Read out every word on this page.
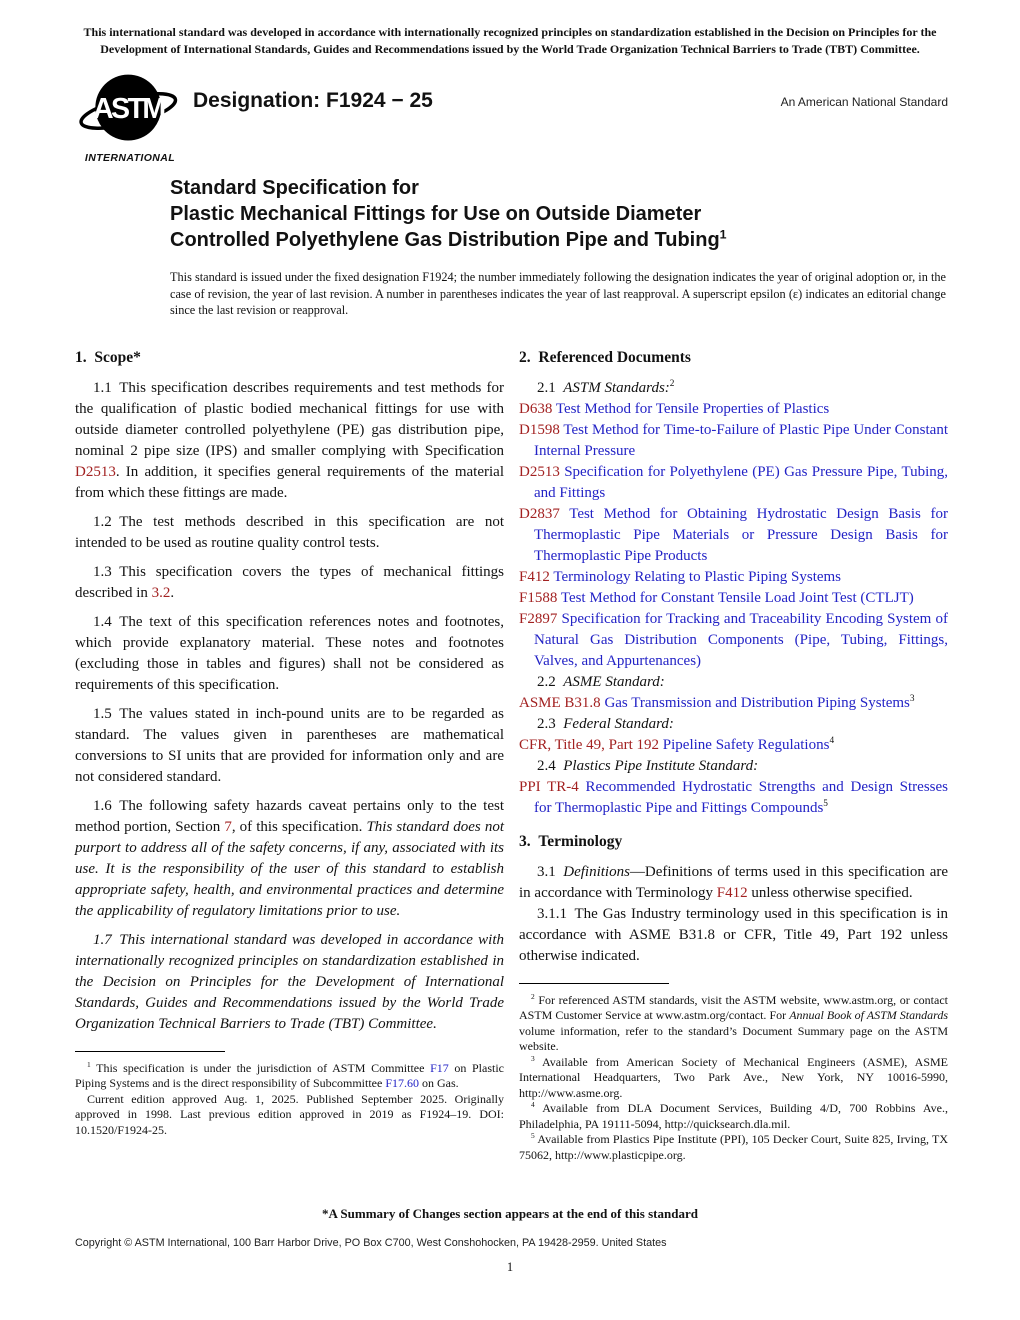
This international standard was developed in accordance with internationally recognized principles on standardization established in the Decision on Principles for the Development of International Standards, Guides and Recommendations issued by the World Trade Organization Technical Barriers to Trade (TBT) Committee.
ASTM
INTERNATIONAL
Designation: F1924 − 25	An American National Standard
Standard Specification for
Plastic Mechanical Fittings for Use on Outside Diameter
Controlled Polyethylene Gas Distribution Pipe and Tubing$^1$
This standard is issued under the fixed designation F1924; the number immediately following the designation indicates the year of original adoption or, in the case of revision, the year of last revision. A number in parentheses indicates the year of last reapproval. A superscript epsilon (ε) indicates an editorial change since the last revision or reapproval.
1. Scope*

1.1 This specification describes requirements and test methods for the qualification of plastic bodied mechanical fittings for use with outside diameter controlled polyethylene (PE) gas distribution pipe, nominal 2 pipe size (IPS) and smaller complying with Specification D2513. In addition, it specifies general requirements of the material from which these fittings are made.

1.2 The test methods described in this specification are not intended to be used as routine quality control tests.

1.3 This specification covers the types of mechanical fittings described in 3.2.

1.4 The text of this specification references notes and footnotes, which provide explanatory material. These notes and footnotes (excluding those in tables and figures) shall not be considered as requirements of this specification.

1.5 The values stated in inch-pound units are to be regarded as standard. The values given in parentheses are mathematical conversions to SI units that are provided for information only and are not considered standard.

1.6 The following safety hazards caveat pertains only to the test method portion, Section 7, of this specification. This standard does not purport to address all of the safety concerns, if any, associated with its use. It is the responsibility of the user of this standard to establish appropriate safety, health, and environmental practices and determine the applicability of regulatory limitations prior to use.

1.7 This international standard was developed in accordance with internationally recognized principles on standardization established in the Decision on Principles for the Development of International Standards, Guides and Recommendations issued by the World Trade Organization Technical Barriers to Trade (TBT) Committee.

$^1$ This specification is under the jurisdiction of ASTM Committee F17 on Plastic Piping Systems and is the direct responsibility of Subcommittee F17.60 on Gas.

Current edition approved Aug. 1, 2025. Published September 2025. Originally approved in 1998. Last previous edition approved in 2019 as F1924–19. DOI: 10.1520/F1924-25.

2. Referenced Documents
2.1 ASTM Standards:$^2$
D638 Test Method for Tensile Properties of Plastics
D1598 Test Method for Time-to-Failure of Plastic Pipe Under Constant Internal Pressure
D2513 Specification for Polyethylene (PE) Gas Pressure Pipe, Tubing, and Fittings
D2837 Test Method for Obtaining Hydrostatic Design Basis for Thermoplastic Pipe Materials or Pressure Design Basis for Thermoplastic Pipe Products
F412 Terminology Relating to Plastic Piping Systems
F1588 Test Method for Constant Tensile Load Joint Test (CTLJT)
F2897 Specification for Tracking and Traceability Encoding System of Natural Gas Distribution Components (Pipe, Tubing, Fittings, Valves, and Appurtenances)
2.2 ASME Standard:
ASME B31.8 Gas Transmission and Distribution Piping Systems$^3$
2.3 Federal Standard:
CFR, Title 49, Part 192 Pipeline Safety Regulations$^4$
2.4 Plastics Pipe Institute Standard:
PPI TR-4 Recommended Hydrostatic Strengths and Design Stresses for Thermoplastic Pipe and Fittings Compounds$^5$
3. Terminology

3.1 Definitions—Definitions of terms used in this specification are in accordance with Terminology F412 unless otherwise specified.

3.1.1 The Gas Industry terminology used in this specification is in accordance with ASME B31.8 or CFR, Title 49, Part 192 unless otherwise indicated.

$^2$ For referenced ASTM standards, visit the ASTM website, www.astm.org, or contact ASTM Customer Service at www.astm.org/contact. For Annual Book of ASTM Standards volume information, refer to the standard’s Document Summary page on the ASTM website.

$^3$ Available from American Society of Mechanical Engineers (ASME), ASME International Headquarters, Two Park Ave., New York, NY 10016-5990, http://www.asme.org.

$^4$ Available from DLA Document Services, Building 4/D, 700 Robbins Ave., Philadelphia, PA 19111-5094, http://quicksearch.dla.mil.

$^5$ Available from Plastics Pipe Institute (PPI), 105 Decker Court, Suite 825, Irving, TX 75062, http://www.plasticpipe.org.

*A Summary of Changes section appears at the end of this standard
Copyright © ASTM International, 100 Barr Harbor Drive, PO Box C700, West Conshohocken, PA 19428-2959. United States
1
